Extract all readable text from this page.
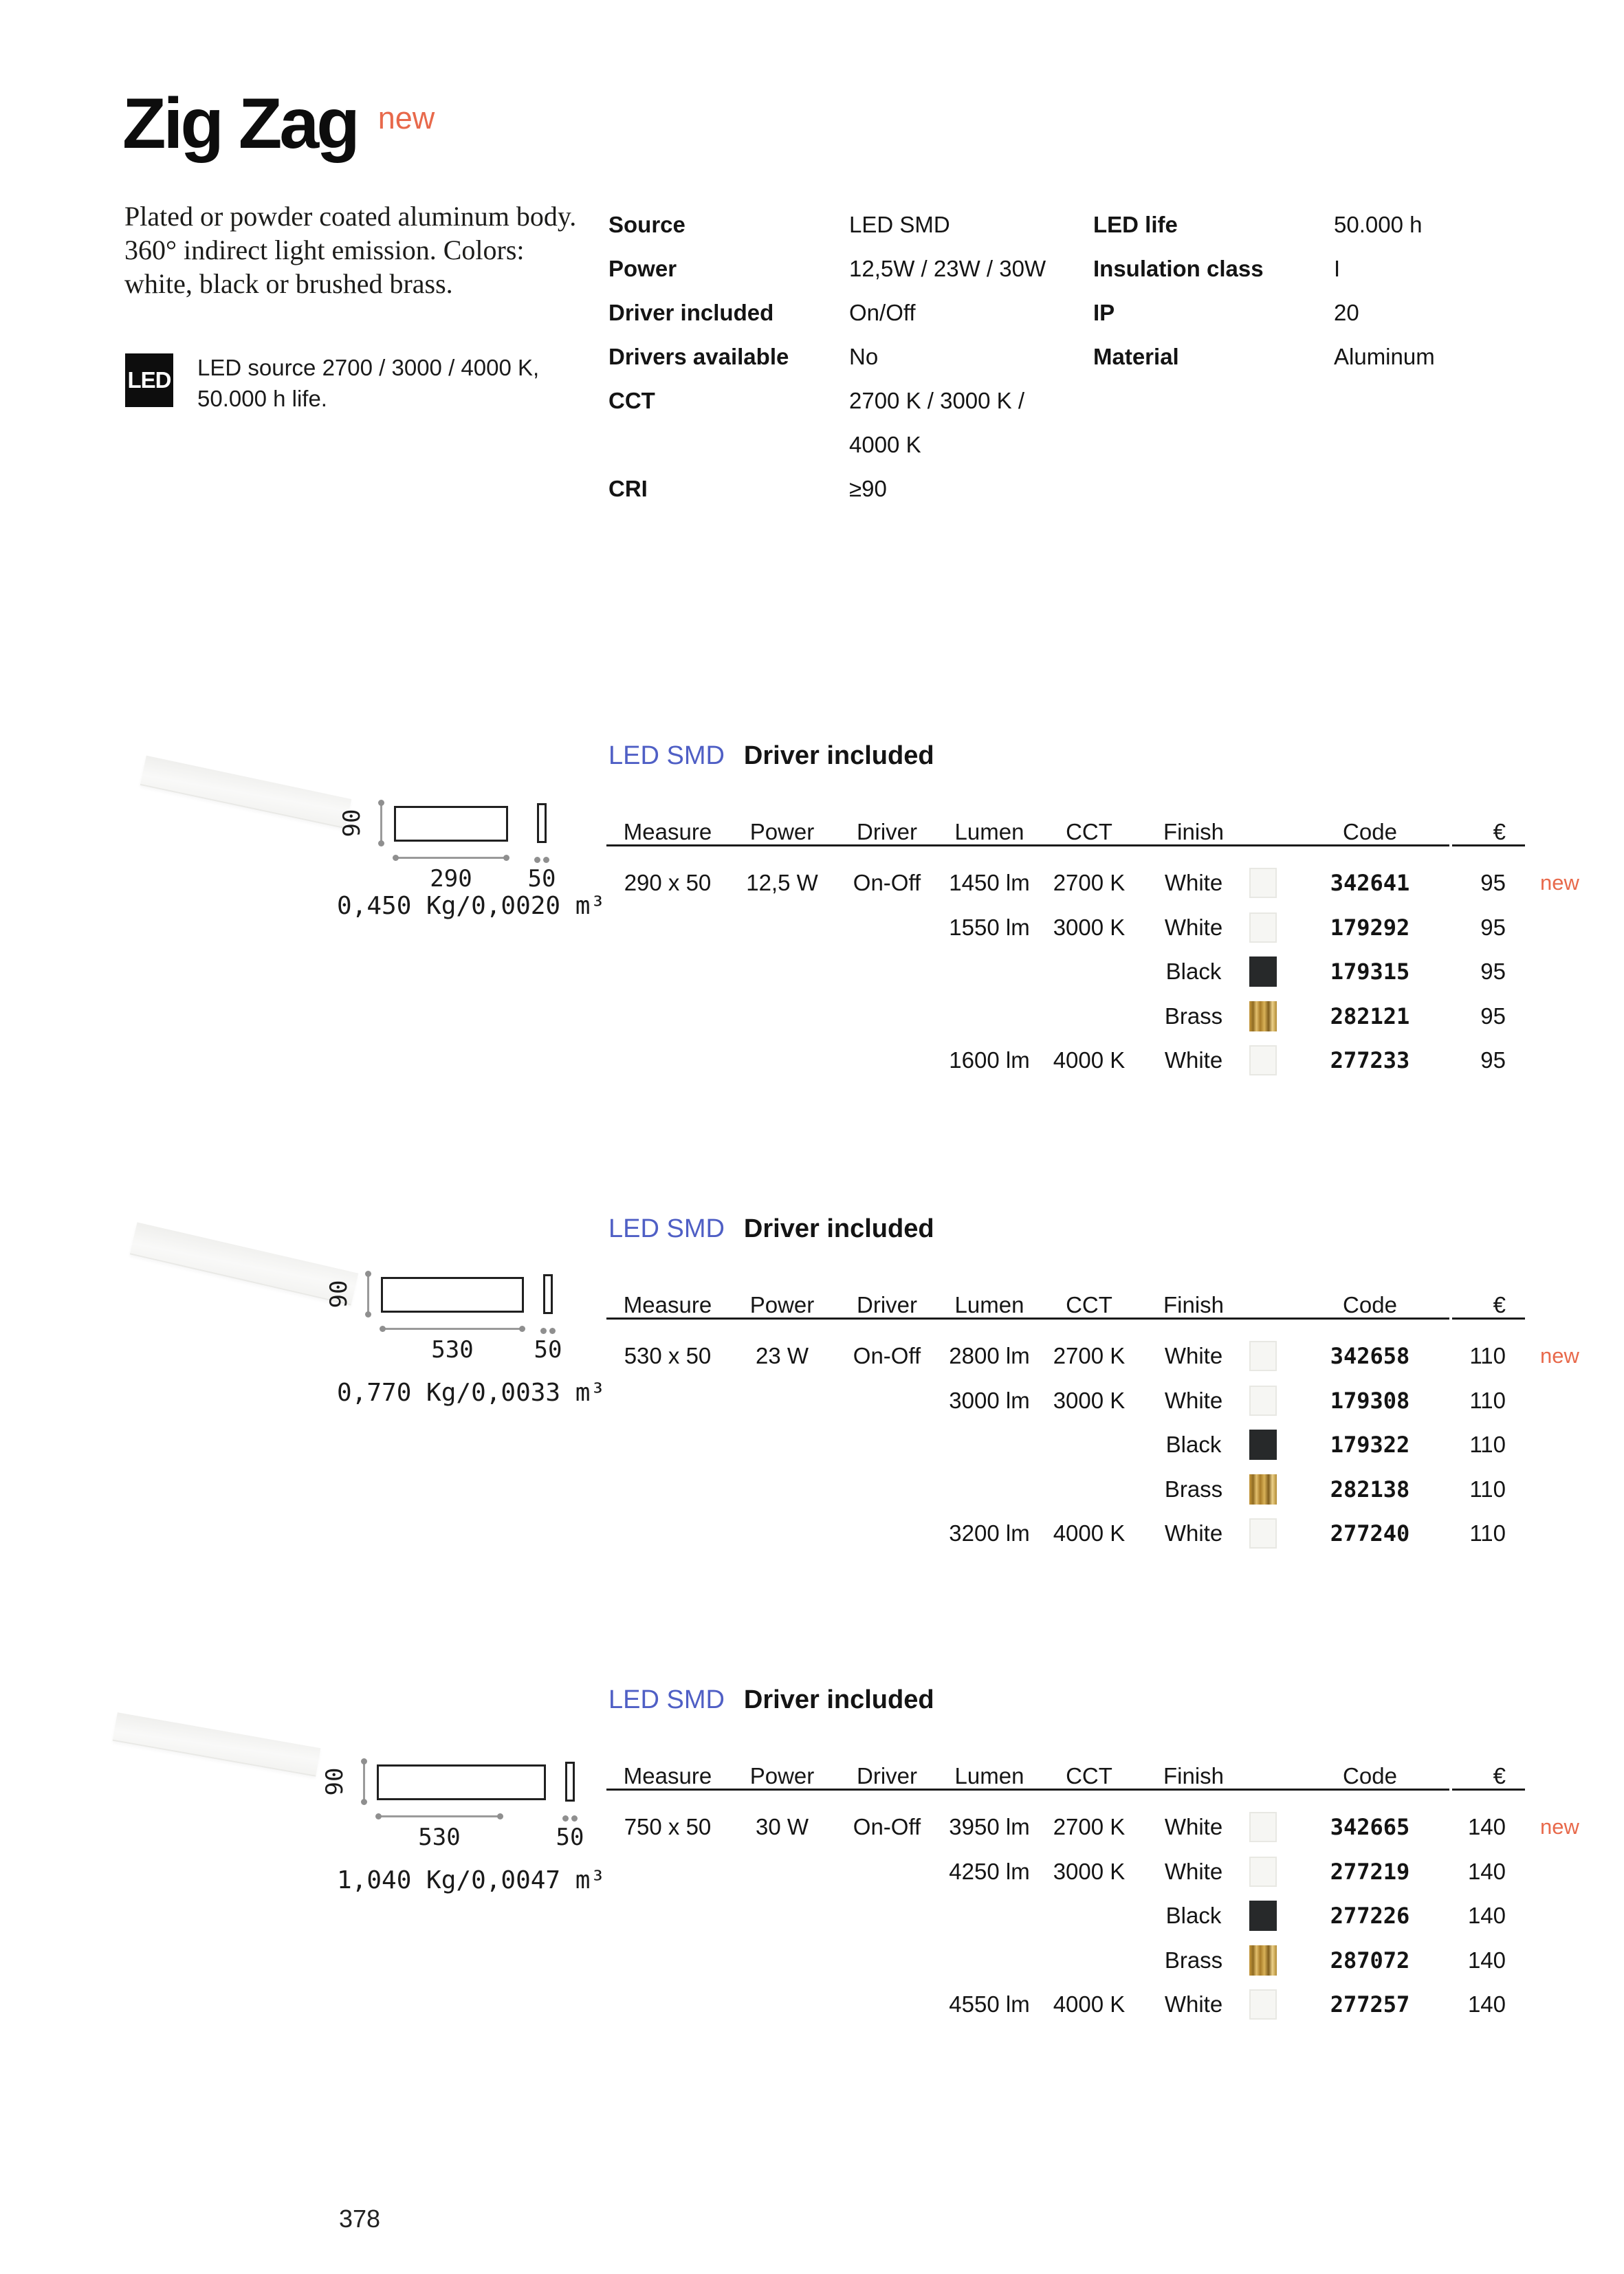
Zig Zag new
Plated or powder coated aluminum body. 360° indirect light emission. Colors: white, black or brushed brass.
LED LED source 2700 / 3000 / 4000 K,
50.000 h life.
Source	LED SMD
Power	12,5W / 23W / 30W
Driver included	On/Off
Drivers available	No
CCT	2700 K / 3000 K /
4000 K
CRI	≥90
LED life	50.000 h
Insulation class	I
IP	20
Material	Aluminum
LED SMD Driver included
90
290	50
0,450 Kg/0,0020 m³
Measure	Power	Driver	Lumen	CCT	Finish	Code	€
290 x 50	12,5 W	On-Off	1450 lm	2700 K	White	342641	95	new
1550 lm	3000 K	White	179292	95
Black	179315	95
Brass	282121	95
1600 lm	4000 K	White	277233	95
LED SMD Driver included
90
530	50
0,770 Kg/0,0033 m³
Measure	Power	Driver	Lumen	CCT	Finish	Code	€
530 x 50	23 W	On-Off	2800 lm	2700 K	White	342658	110	new
3000 lm	3000 K	White	179308	110
Black	179322	110
Brass	282138	110
3200 lm	4000 K	White	277240	110
LED SMD Driver included
90
530	50
1,040 Kg/0,0047 m³
Measure	Power	Driver	Lumen	CCT	Finish	Code	€
750 x 50	30 W	On-Off	3950 lm	2700 K	White	342665	140	new
4250 lm	3000 K	White	277219	140
Black	277226	140
Brass	287072	140
4550 lm	4000 K	White	277257	140
378
